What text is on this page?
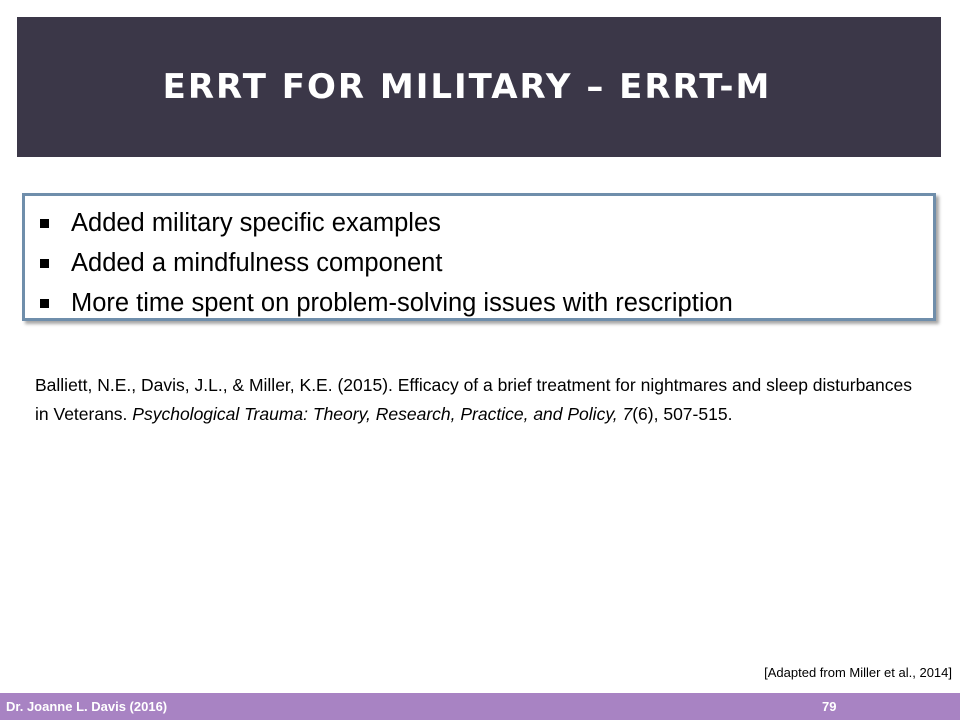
ERRT FOR MILITARY – ERRT-M
Added military specific examples
Added a mindfulness component
More time spent on problem-solving issues with rescription
Balliett, N.E., Davis, J.L., & Miller, K.E. (2015). Efficacy of a brief treatment for nightmares and sleep disturbances in Veterans. Psychological Trauma: Theory, Research, Practice, and Policy, 7(6), 507-515.
[Adapted from Miller et al., 2014]
Dr. Joanne L. Davis (2016)	79
